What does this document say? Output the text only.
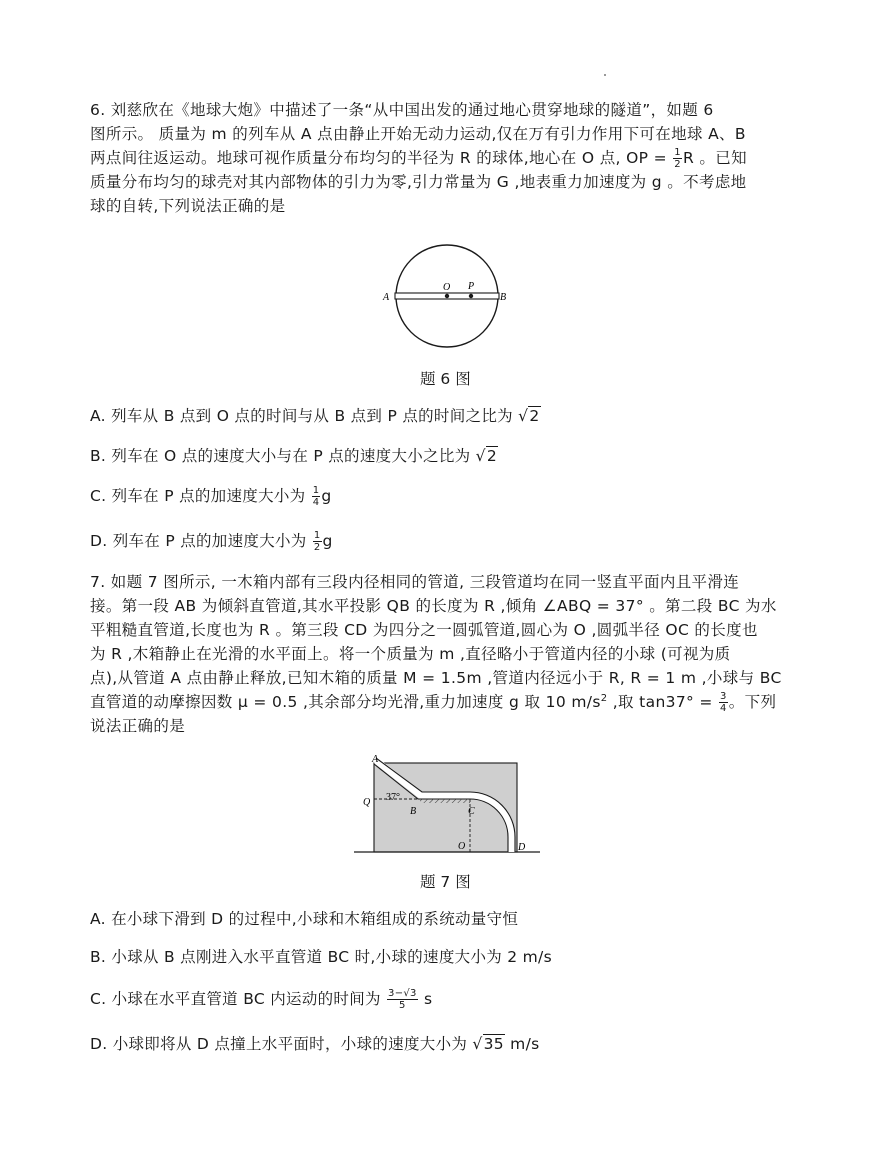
6. 刘慈欣在《地球大炮》中描述了一条“从中国出发的通过地心贯穿地球的隧道”，如题 6
图所示。 质量为 m 的列车从 A 点由静止开始无动力运动,仅在万有引力作用下可在地球 A、B
两点间往返运动。地球可视作质量分布均匀的半径为 R 的球体,地心在 O 点, OP = $\frac{1}{2}$ R 。已知
质量分布均匀的球壳对其内部物体的引力为零,引力常量为 G ,地表重力加速度为 g 。不考虑地
球的自转,下列说法正确的是
A	B
O P
题 6 图
A. 列车从 B 点到 O 点的时间与从 B 点到 P 点的时间之比为 √2
B. 列车在 O 点的速度大小与在 P 点的速度大小之比为 √2
C. 列车在 P 点的加速度大小为 $\frac{1}{4}$ g
D. 列车在 P 点的加速度大小为 $\frac{1}{2}$ g
7. 如题 7 图所示, 一木箱内部有三段内径相同的管道, 三段管道均在同一竖直平面内且平滑连
接。第一段 AB 为倾斜直管道,其水平投影 QB 的长度为 R ,倾角 ∠ABQ = 37° 。第二段 BC 为水
平粗糙直管道,长度也为 R 。第三段 CD 为四分之一圆弧管道,圆心为 O ,圆弧半径 OC 的长度也
为 R ,木箱静止在光滑的水平面上。将一个质量为 m ,直径略小于管道内径的小球 (可视为质
点),从管道 A 点由静止释放,已知木箱的质量 M = 1.5m ,管道内径远小于 R, R = 1 m ,小球与 BC
直管道的动摩擦因数 μ = 0.5 ,其余部分均光滑,重力加速度 g 取 10 $m/s^2$ ,取 $\tan 37^\circ = \frac{3}{4}$ 。下列
说法正确的是
A
Q 37°
B	C
O	D
题 7 图
A. 在小球下滑到 D 的过程中,小球和木箱组成的系统动量守恒
B. 小球从 B 点刚进入水平直管道 BC 时,小球的速度大小为 2 m/s
C. 小球在水平直管道 BC 内运动的时间为 $\frac{3-√3}{5}$ s
D. 小球即将从 D 点撞上水平面时，小球的速度大小为 √35 m/s
